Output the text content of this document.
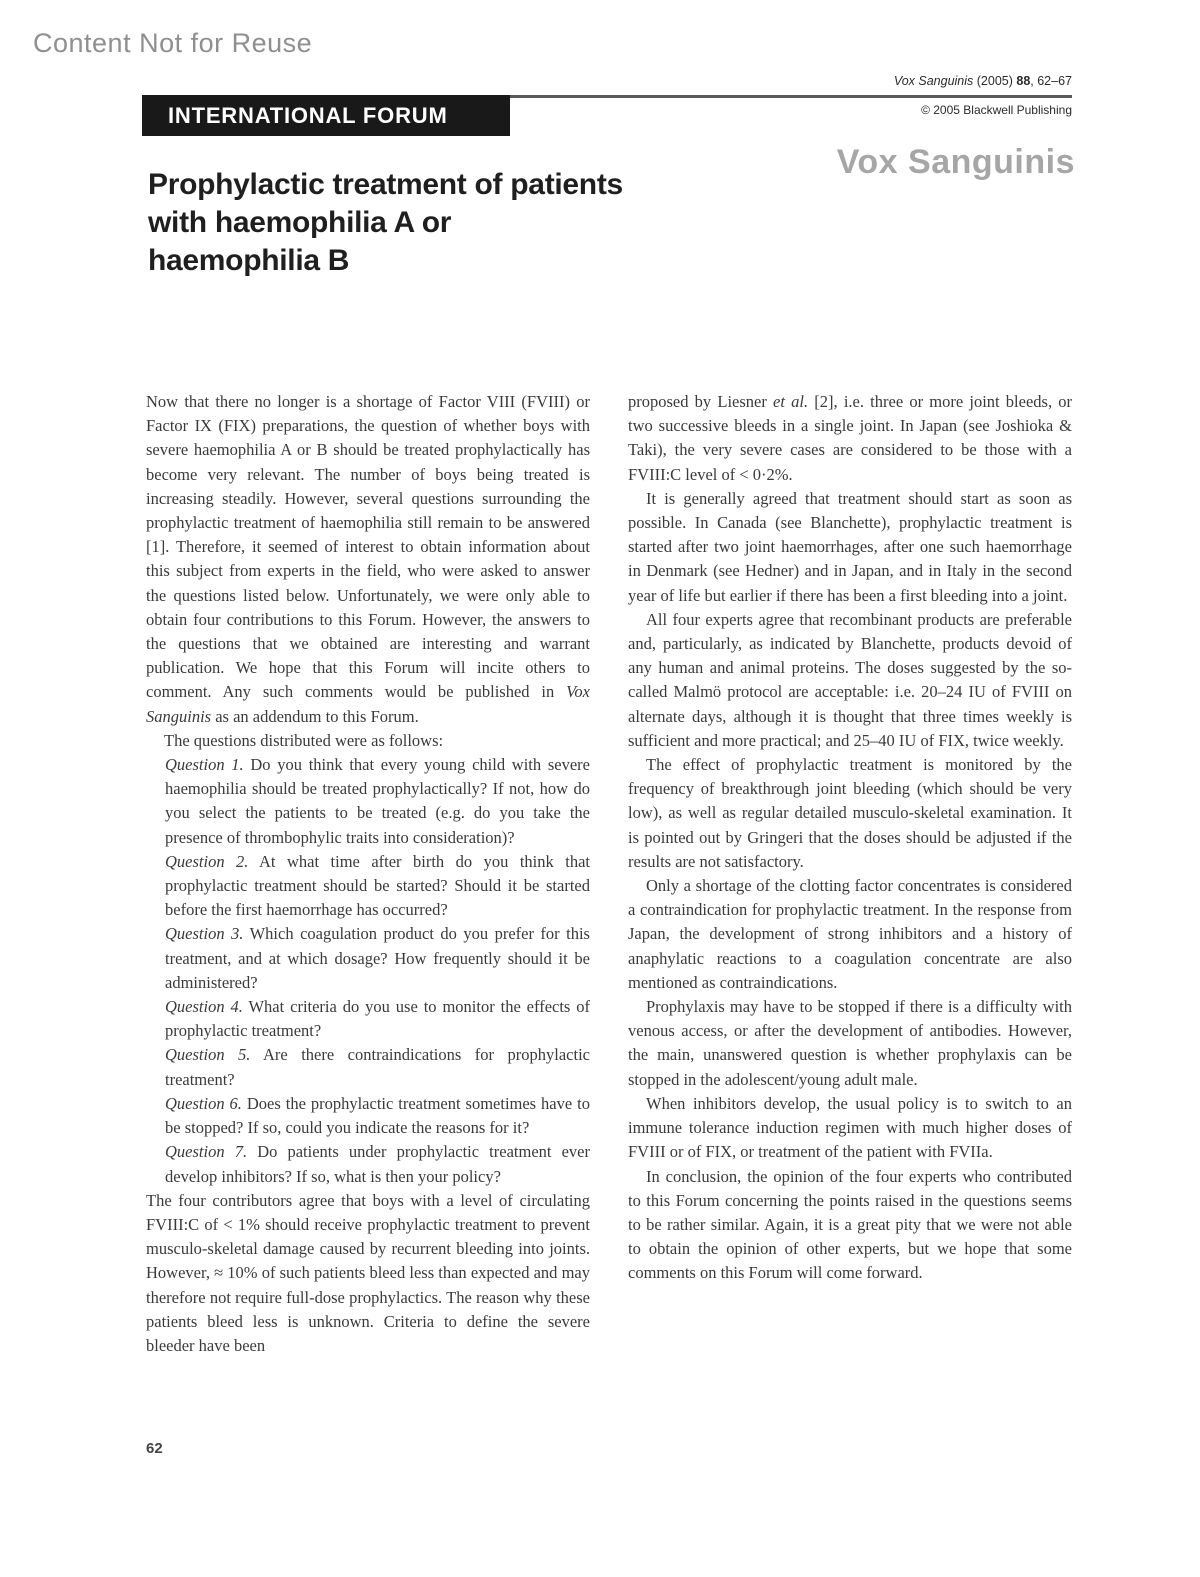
Content Not for Reuse
Vox Sanguinis (2005) 88, 62–67
INTERNATIONAL FORUM	© 2005 Blackwell Publishing
Vox Sanguinis
Prophylactic treatment of patients
with haemophilia A or
haemophilia B

Now that there no longer is a shortage of Factor VIII (FVIII) or Factor IX (FIX) preparations, the question of whether boys with severe haemophilia A or B should be treated prophylactically has become very relevant. The number of boys being treated is increasing steadily. However, several questions surrounding the prophylactic treatment of haemophilia still remain to be answered [1]. Therefore, it seemed of interest to obtain information about this subject from experts in the field, who were asked to answer the questions listed below. Unfortunately, we were only able to obtain four contributions to this Forum. However, the answers to the questions that we obtained are interesting and warrant publication. We hope that this Forum will incite others to comment. Any such comments would be published in Vox Sanguinis as an addendum to this Forum.

The questions distributed were as follows:

Question 1. Do you think that every young child with severe haemophilia should be treated prophylactically? If not, how do you select the patients to be treated (e.g. do you take the presence of thrombophylic traits into consideration)?

Question 2. At what time after birth do you think that prophylactic treatment should be started? Should it be started before the first haemorrhage has occurred?

Question 3. Which coagulation product do you prefer for this treatment, and at which dosage? How frequently should it be administered?

Question 4. What criteria do you use to monitor the effects of prophylactic treatment?

Question 5. Are there contraindications for prophylactic treatment?

Question 6. Does the prophylactic treatment sometimes have to be stopped? If so, could you indicate the reasons for it?

Question 7. Do patients under prophylactic treatment ever develop inhibitors? If so, what is then your policy?

The four contributors agree that boys with a level of circulating FVIII:C of < 1% should receive prophylactic treatment to prevent musculo-skeletal damage caused by recurrent bleeding into joints. However, ≈ 10% of such patients bleed less than expected and may therefore not require full-dose prophylactics. The reason why these patients bleed less is unknown. Criteria to define the severe bleeder have been

proposed by Liesner et al. [2], i.e. three or more joint bleeds, or two successive bleeds in a single joint. In Japan (see Joshioka & Taki), the very severe cases are considered to be those with a FVIII:C level of < 0·2%.

It is generally agreed that treatment should start as soon as possible. In Canada (see Blanchette), prophylactic treatment is started after two joint haemorrhages, after one such haemorrhage in Denmark (see Hedner) and in Japan, and in Italy in the second year of life but earlier if there has been a first bleeding into a joint.

All four experts agree that recombinant products are preferable and, particularly, as indicated by Blanchette, products devoid of any human and animal proteins. The doses suggested by the so-called Malmö protocol are acceptable: i.e. 20–24 IU of FVIII on alternate days, although it is thought that three times weekly is sufficient and more practical; and 25–40 IU of FIX, twice weekly.

The effect of prophylactic treatment is monitored by the frequency of breakthrough joint bleeding (which should be very low), as well as regular detailed musculo-skeletal examination. It is pointed out by Gringeri that the doses should be adjusted if the results are not satisfactory.

Only a shortage of the clotting factor concentrates is considered a contraindication for prophylactic treatment. In the response from Japan, the development of strong inhibitors and a history of anaphylatic reactions to a coagulation concentrate are also mentioned as contraindications.

Prophylaxis may have to be stopped if there is a difficulty with venous access, or after the development of antibodies. However, the main, unanswered question is whether prophylaxis can be stopped in the adolescent/young adult male.

When inhibitors develop, the usual policy is to switch to an immune tolerance induction regimen with much higher doses of FVIII or of FIX, or treatment of the patient with FVIIa.

In conclusion, the opinion of the four experts who contributed to this Forum concerning the points raised in the questions seems to be rather similar. Again, it is a great pity that we were not able to obtain the opinion of other experts, but we hope that some comments on this Forum will come forward.

62
